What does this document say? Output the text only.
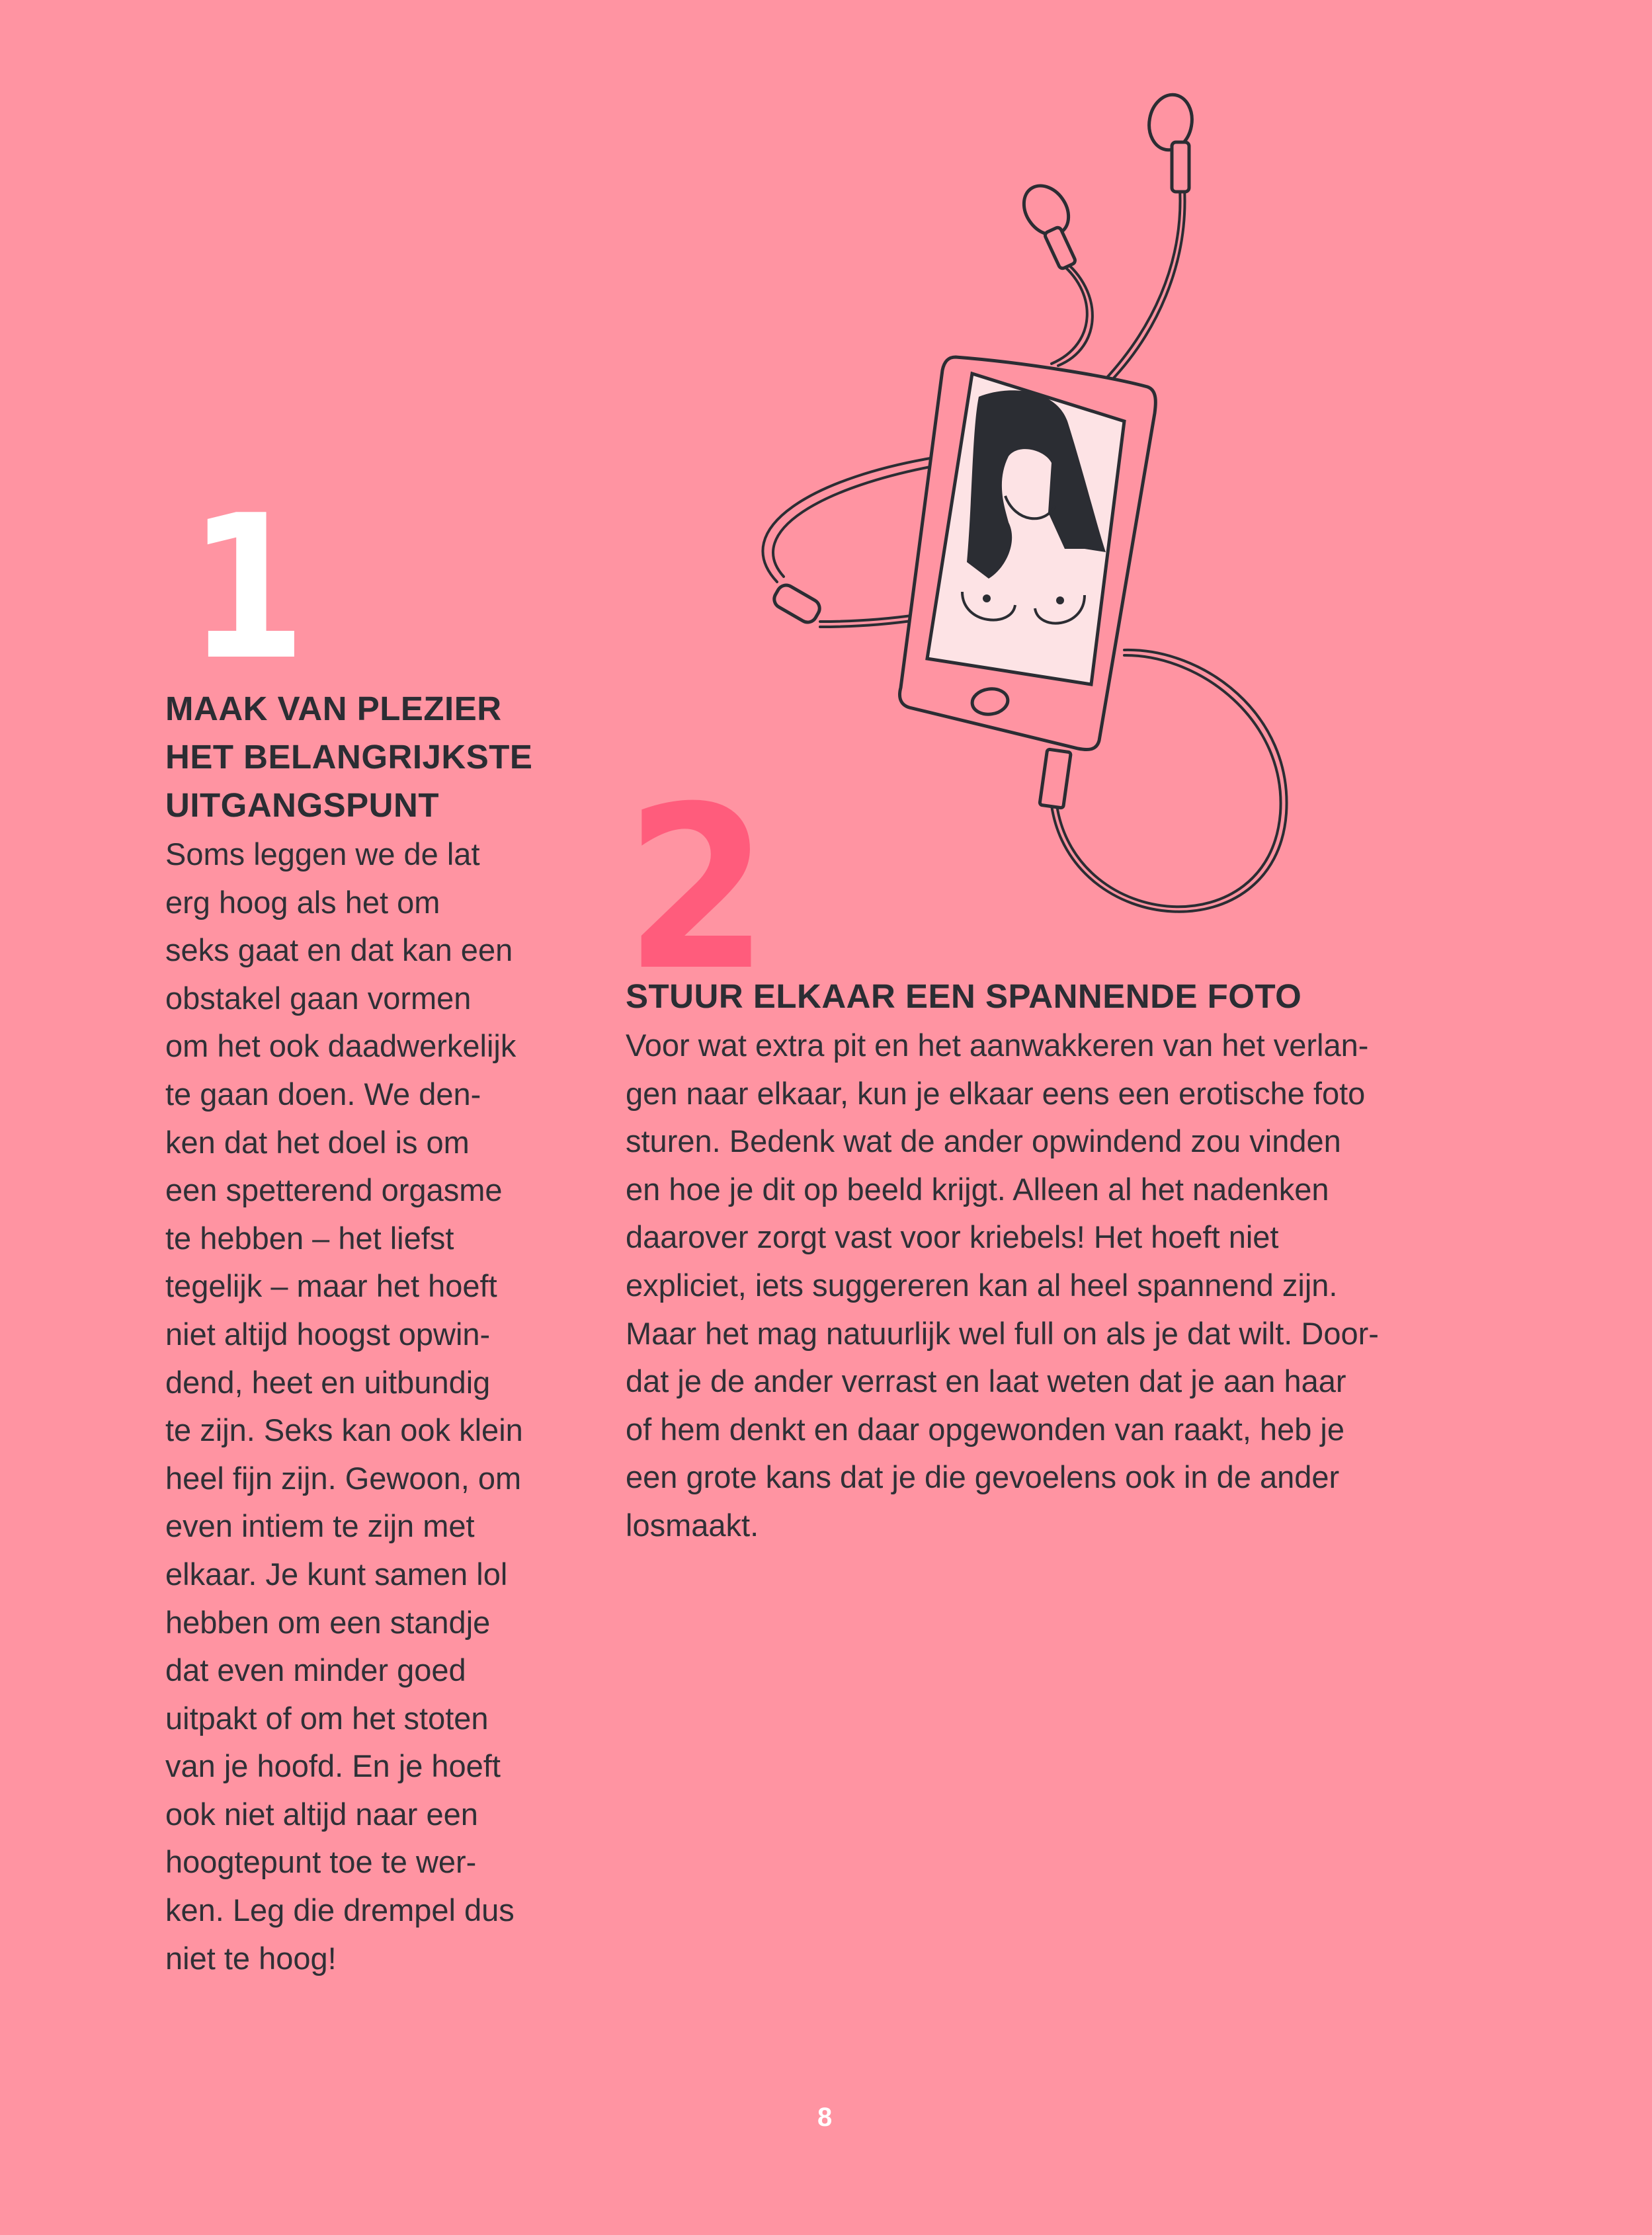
1
MAAK VAN PLEZIER
HET BELANGRIJKSTE
UITGANGSPUNT
Soms leggen we de lat
erg hoog als het om
seks gaat en dat kan een
obstakel gaan vormen
om het ook daadwerkelijk
te gaan doen. We den-
ken dat het doel is om
een spetterend orgasme
te hebben – het liefst
tegelijk – maar het hoeft
niet altijd hoogst opwin-
dend, heet en uitbundig
te zijn. Seks kan ook klein
heel fijn zijn. Gewoon, om
even intiem te zijn met
elkaar. Je kunt samen lol
hebben om een standje
dat even minder goed
uitpakt of om het stoten
van je hoofd. En je hoeft
ook niet altijd naar een
hoogtepunt toe te wer-
ken. Leg die drempel dus
niet te hoog!
2
STUUR ELKAAR EEN SPANNENDE FOTO
Voor wat extra pit en het aanwakkeren van het verlan-
gen naar elkaar, kun je elkaar eens een erotische foto
sturen. Bedenk wat de ander opwindend zou vinden
en hoe je dit op beeld krijgt. Alleen al het nadenken
daarover zorgt vast voor kriebels! Het hoeft niet
expliciet, iets suggereren kan al heel spannend zijn.
Maar het mag natuurlijk wel full on als je dat wilt. Door-
dat je de ander verrast en laat weten dat je aan haar
of hem denkt en daar opgewonden van raakt, heb je
een grote kans dat je die gevoelens ook in de ander
losmaakt.
8
